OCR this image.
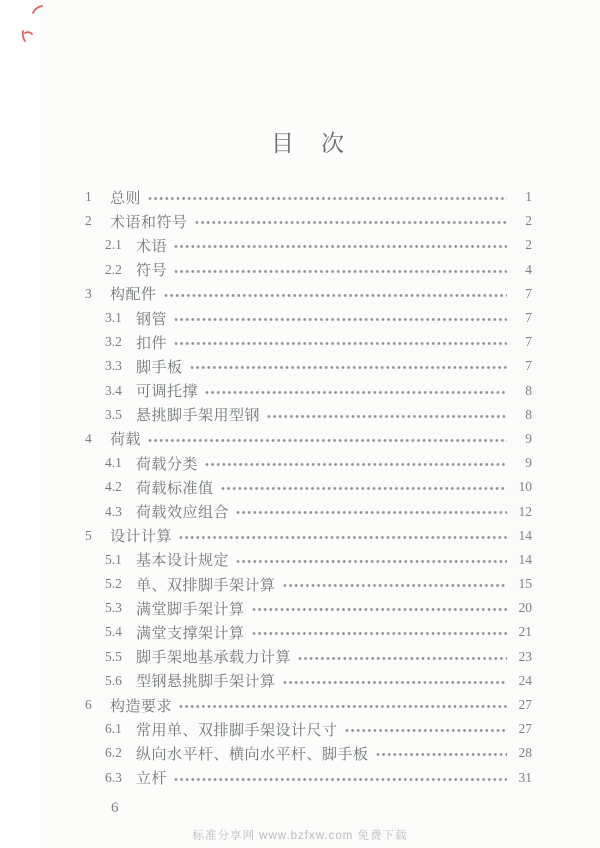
目　次
1	总则	1
2	术语和符号	2
2.1 术语	2
2.2 符号	4
3	构配件	7
3.1 钢管	7
3.2 扣件	7
3.3 脚手板	7
3.4 可调托撑	8
3.5 悬挑脚手架用型钢	8
4	荷载	9
4.1 荷载分类	9
4.2 荷载标准值	10
4.3 荷载效应组合	12
5	设计计算	14
5.1 基本设计规定	14
5.2 单、双排脚手架计算	15
5.3 满堂脚手架计算	20
5.4 满堂支撑架计算	21
5.5 脚手架地基承载力计算	23
5.6 型钢悬挑脚手架计算	24
6	构造要求	27
6.1 常用单、双排脚手架设计尺寸	27
6.2 纵向水平杆、横向水平杆、脚手板	28
6.3 立杆	31
6
标准分享网 www.bzfxw.com 免费下载
